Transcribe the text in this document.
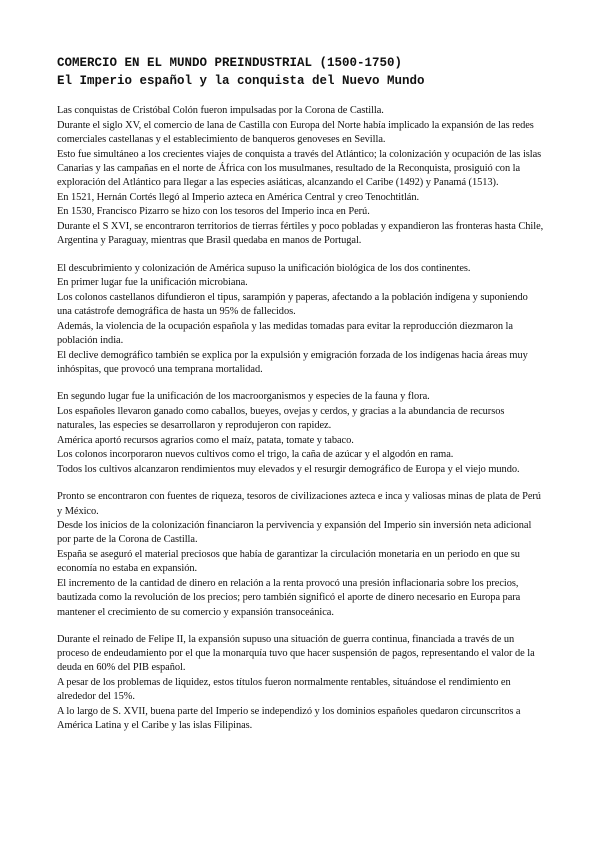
COMERCIO EN EL MUNDO PREINDUSTRIAL (1500-1750)
El Imperio español y la conquista del Nuevo Mundo

Las conquistas de Cristóbal Colón fueron impulsadas por la Corona de Castilla.

Durante el siglo XV, el comercio de lana de Castilla con Europa del Norte había implicado la expansión de las redes comerciales castellanas y el establecimiento de banqueros genoveses en Sevilla.

Esto fue simultáneo a los crecientes viajes de conquista a través del Atlántico; la colonización y ocupación de las islas Canarias y las campañas en el norte de África con los musulmanes, resultado de la Reconquista, prosiguió con la exploración del Atlántico para llegar a las especies asiáticas, alcanzando el Caribe (1492) y Panamá (1513).

En 1521, Hernán Cortés llegó al Imperio azteca en América Central y creo Tenochtitlán.

En 1530, Francisco Pizarro se hizo con los tesoros del Imperio inca en Perú.

Durante el S XVI, se encontraron territorios de tierras fértiles y poco pobladas y expandieron las fronteras hasta Chile, Argentina y Paraguay, mientras que Brasil quedaba en manos de Portugal.

El descubrimiento y colonización de América supuso la unificación biológica de los dos continentes.

En primer lugar fue la unificación microbiana.

Los colonos castellanos difundieron el tipus, sarampión y paperas, afectando a la población indígena y suponiendo una catástrofe demográfica de hasta un 95% de fallecidos.

Además, la violencia de la ocupación española y las medidas tomadas para evitar la reproducción diezmaron la población india.

El declive demográfico también se explica por la expulsión y emigración forzada de los indígenas hacia áreas muy inhóspitas, que provocó una temprana mortalidad.

En segundo lugar fue la unificación de los macroorganismos y especies de la fauna y flora.

Los españoles llevaron ganado como caballos, bueyes, ovejas y cerdos, y gracias a la abundancia de recursos naturales, las especies se desarrollaron y reprodujeron con rapidez.

América aportó recursos agrarios como el maíz, patata, tomate y tabaco.

Los colonos incorporaron nuevos cultivos como el trigo, la caña de azúcar y el algodón en rama.

Todos los cultivos alcanzaron rendimientos muy elevados y el resurgir demográfico de Europa y el viejo mundo.

Pronto se encontraron con fuentes de riqueza, tesoros de civilizaciones azteca e inca y valiosas minas de plata de Perú y México.

Desde los inicios de la colonización financiaron la pervivencia y expansión del Imperio sin inversión neta adicional por parte de la Corona de Castilla.

España se aseguró el material preciosos que había de garantizar la circulación monetaria en un periodo en que su economía no estaba en expansión.

El incremento de la cantidad de dinero en relación a la renta provocó una presión inflacionaria sobre los precios, bautizada como la revolución de los precios; pero también significó el aporte de dinero necesario en Europa para mantener el crecimiento de su comercio y expansión transoceánica.

Durante el reinado de Felipe II, la expansión supuso una situación de guerra continua, financiada a través de un proceso de endeudamiento por el que la monarquía tuvo que hacer suspensión de pagos, representando el valor de la deuda en 60% del PIB español.

A pesar de los problemas de liquidez, estos títulos fueron normalmente rentables, situándose el rendimiento en alrededor del 15%.

A lo largo de S. XVII, buena parte del Imperio se independizó y los dominios españoles quedaron circunscritos a América Latina y el Caribe y las islas Filipinas.
